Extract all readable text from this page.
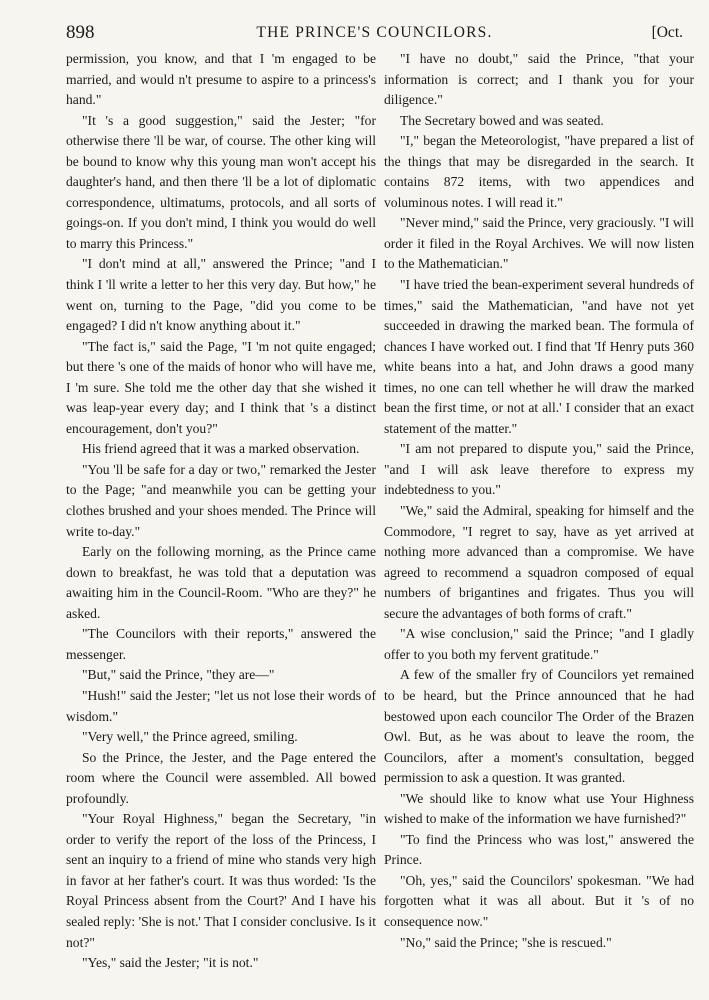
898	THE PRINCE'S COUNCILORS.	[Oct.

permission, you know, and that I 'm engaged to be married, and would n't presume to aspire to a princess's hand."

"It 's a good suggestion," said the Jester; "for otherwise there 'll be war, of course. The other king will be bound to know why this young man won't accept his daughter's hand, and then there 'll be a lot of diplomatic correspondence, ultimatums, protocols, and all sorts of goings-on. If you don't mind, I think you would do well to marry this Princess."

"I don't mind at all," answered the Prince; "and I think I 'll write a letter to her this very day. But how," he went on, turning to the Page, "did you come to be engaged? I did n't know anything about it."

"The fact is," said the Page, "I 'm not quite engaged; but there 's one of the maids of honor who will have me, I 'm sure. She told me the other day that she wished it was leap-year every day; and I think that 's a distinct encouragement, don't you?"

His friend agreed that it was a marked observation.

"You 'll be safe for a day or two," remarked the Jester to the Page; "and meanwhile you can be getting your clothes brushed and your shoes mended. The Prince will write to-day."

Early on the following morning, as the Prince came down to breakfast, he was told that a deputation was awaiting him in the Council-Room. "Who are they?" he asked.

"The Councilors with their reports," answered the messenger.

"But," said the Prince, "they are—"

"Hush!" said the Jester; "let us not lose their words of wisdom."

"Very well," the Prince agreed, smiling.

So the Prince, the Jester, and the Page entered the room where the Council were assembled. All bowed profoundly.

"Your Royal Highness," began the Secretary, "in order to verify the report of the loss of the Princess, I sent an inquiry to a friend of mine who stands very high in favor at her father's court. It was thus worded: 'Is the Royal Princess absent from the Court?' And I have his sealed reply: 'She is not.' That I consider conclusive. Is it not?"

"Yes," said the Jester; "it is not."

"I have no doubt," said the Prince, "that your information is correct; and I thank you for your diligence."

The Secretary bowed and was seated.

"I," began the Meteorologist, "have prepared a list of the things that may be disregarded in the search. It contains 872 items, with two appendices and voluminous notes. I will read it."

"Never mind," said the Prince, very graciously. "I will order it filed in the Royal Archives. We will now listen to the Mathematician."

"I have tried the bean-experiment several hundreds of times," said the Mathematician, "and have not yet succeeded in drawing the marked bean. The formula of chances I have worked out. I find that 'If Henry puts 360 white beans into a hat, and John draws a good many times, no one can tell whether he will draw the marked bean the first time, or not at all.' I consider that an exact statement of the matter."

"I am not prepared to dispute you," said the Prince, "and I will ask leave therefore to express my indebtedness to you."

"We," said the Admiral, speaking for himself and the Commodore, "I regret to say, have as yet arrived at nothing more advanced than a compromise. We have agreed to recommend a squadron composed of equal numbers of brigantines and frigates. Thus you will secure the advantages of both forms of craft."

"A wise conclusion," said the Prince; "and I gladly offer to you both my fervent gratitude."

A few of the smaller fry of Councilors yet remained to be heard, but the Prince announced that he had bestowed upon each councilor The Order of the Brazen Owl. But, as he was about to leave the room, the Councilors, after a moment's consultation, begged permission to ask a question. It was granted.

"We should like to know what use Your Highness wished to make of the information we have furnished?"

"To find the Princess who was lost," answered the Prince.

"Oh, yes," said the Councilors' spokesman. "We had forgotten what it was all about. But it 's of no consequence now."

"No," said the Prince; "she is rescued."
